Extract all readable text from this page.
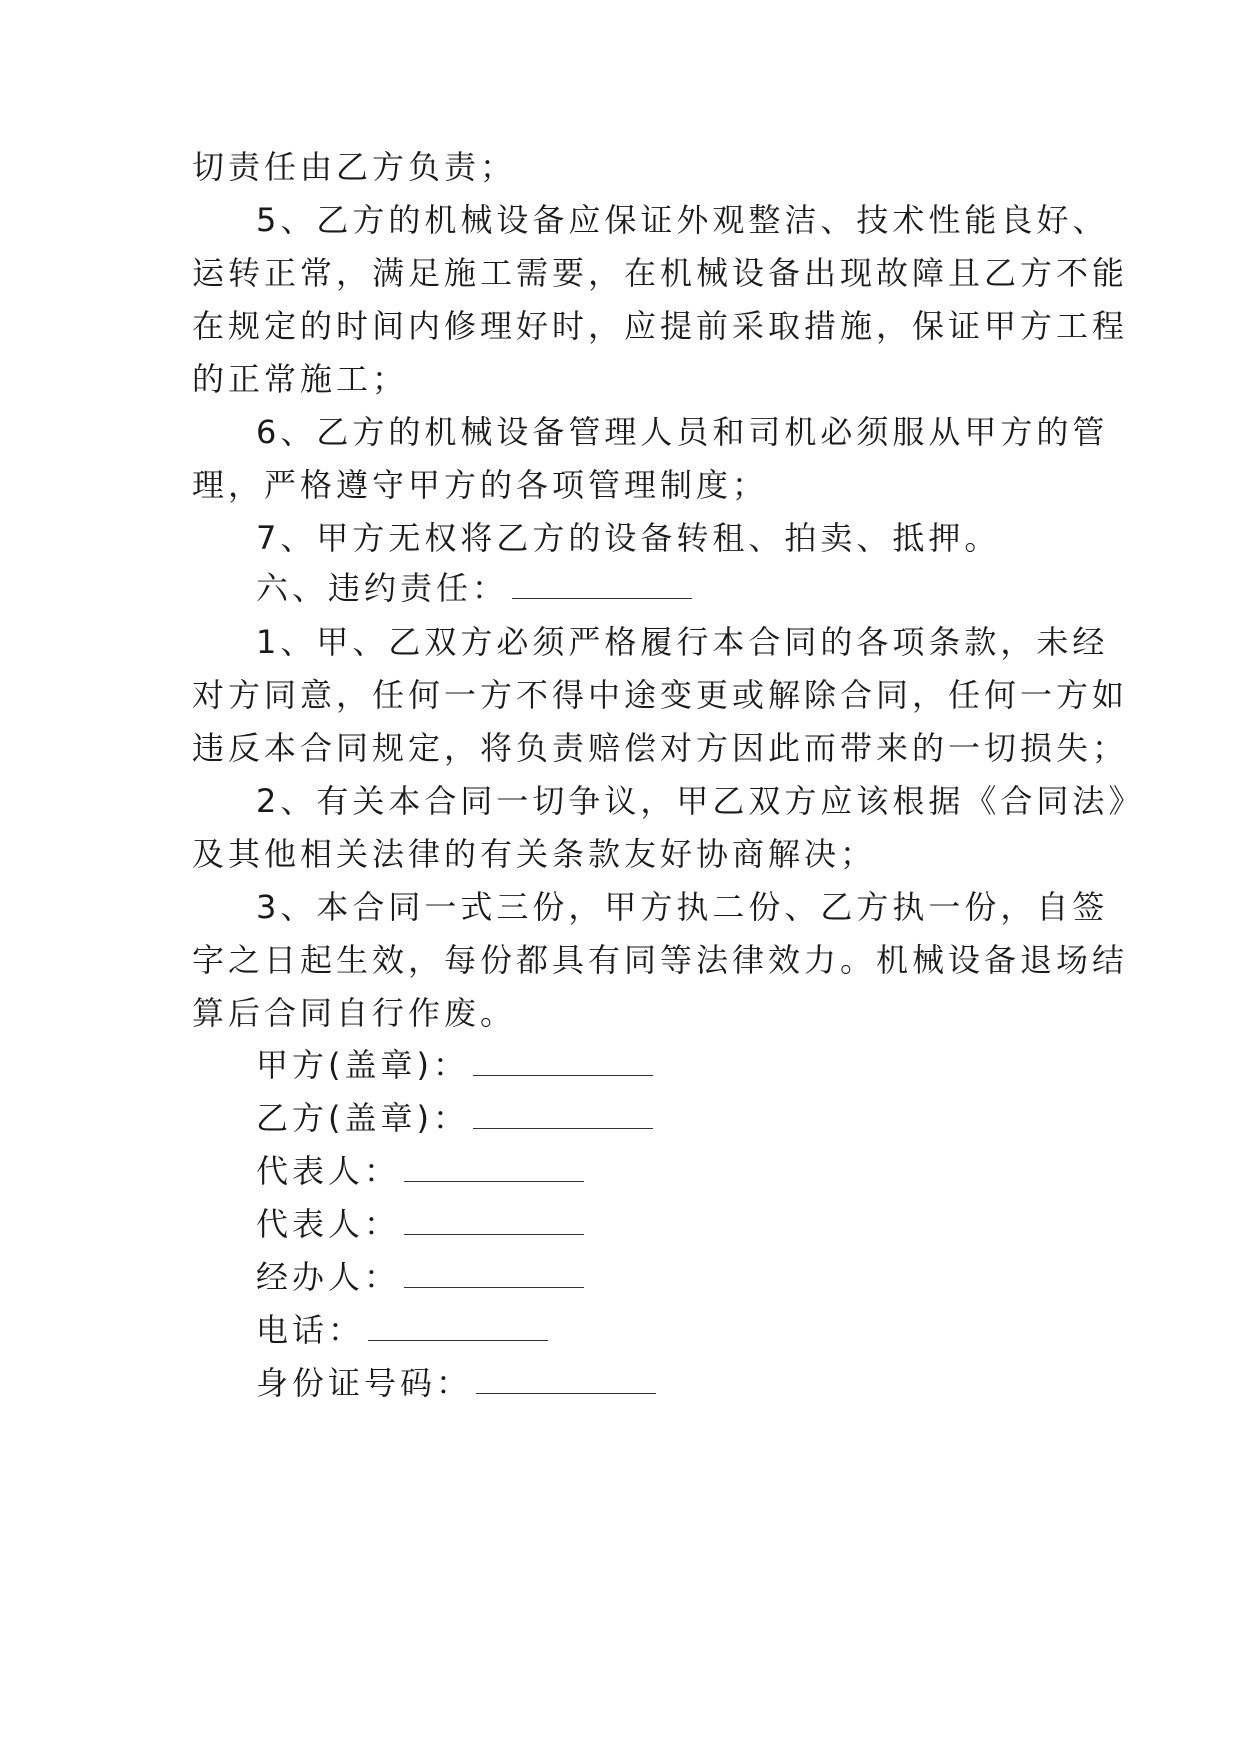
切责任由乙方负责；
5、乙方的机械设备应保证外观整洁、技术性能良好、
运转正常，满足施工需要，在机械设备出现故障且乙方不能
在规定的时间内修理好时，应提前采取措施，保证甲方工程
的正常施工；
6、乙方的机械设备管理人员和司机必须服从甲方的管
理，严格遵守甲方的各项管理制度；
7、甲方无权将乙方的设备转租、拍卖、抵押。
六、违约责任：
1、甲、乙双方必须严格履行本合同的各项条款，未经
对方同意，任何一方不得中途变更或解除合同，任何一方如
违反本合同规定，将负责赔偿对方因此而带来的一切损失；
2、有关本合同一切争议，甲乙双方应该根据《合同法》
及其他相关法律的有关条款友好协商解决；
3、本合同一式三份，甲方执二份、乙方执一份，自签
字之日起生效，每份都具有同等法律效力。机械设备退场结
算后合同自行作废。
甲方(盖章)：
乙方(盖章)：
代表人：
代表人：
经办人：
电话：
身份证号码：
